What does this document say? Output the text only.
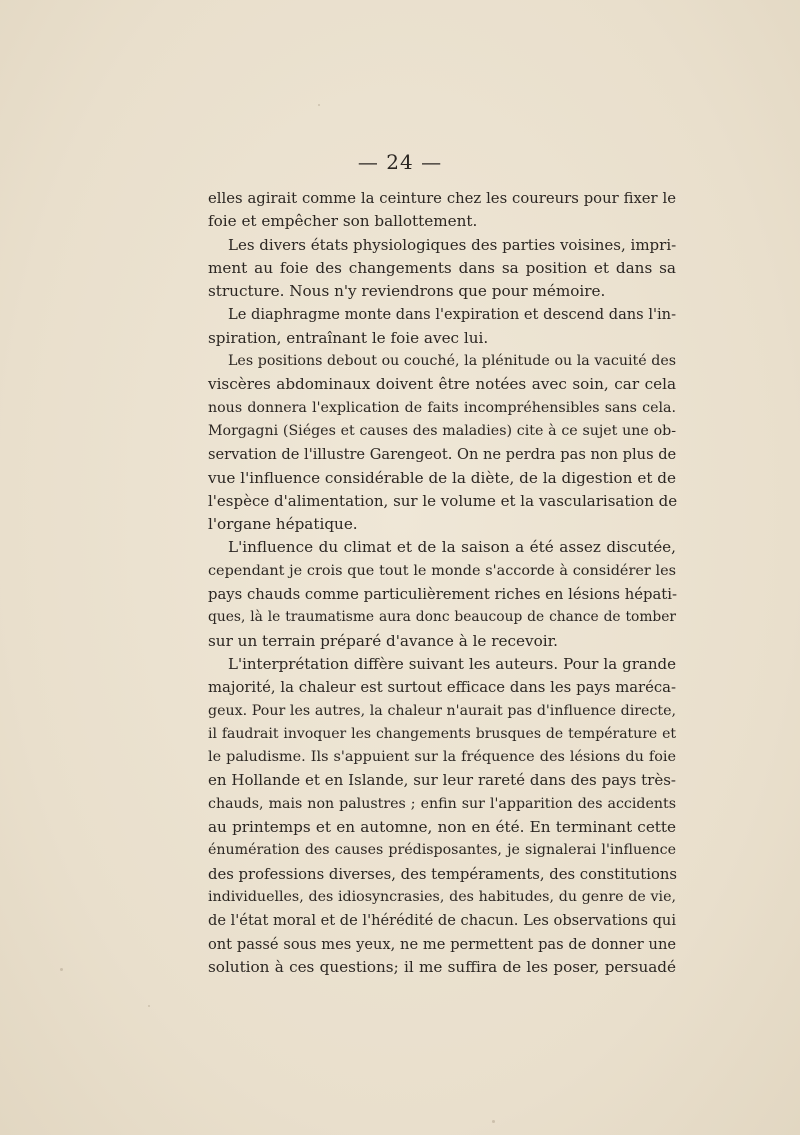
— 24 —
elles agirait comme la ceinture chez les coureurs pour fixer le
foie et empêcher son ballottement.
Les divers états physiologiques des parties voisines, impri-
ment au foie des changements dans sa position et dans sa
structure. Nous n'y reviendrons que pour mémoire.
Le diaphragme monte dans l'expiration et descend dans l'in-
spiration, entraînant le foie avec lui.
Les positions debout ou couché, la plénitude ou la vacuité des
viscères abdominaux doivent être notées avec soin, car cela
nous donnera l'explication de faits incompréhensibles sans cela.
Morgagni (Siéges et causes des maladies) cite à ce sujet une ob-
servation de l'illustre Garengeot. On ne perdra pas non plus de
vue l'influence considérable de la diète, de la digestion et de
l'espèce d'alimentation, sur le volume et la vascularisation de
l'organe hépatique.
L'influence du climat et de la saison a été assez discutée,
cependant je crois que tout le monde s'accorde à considérer les
pays chauds comme particulièrement riches en lésions hépati-
ques, là le traumatisme aura donc beaucoup de chance de tomber
sur un terrain préparé d'avance à le recevoir.
L'interprétation diffère suivant les auteurs. Pour la grande
majorité, la chaleur est surtout efficace dans les pays maréca-
geux. Pour les autres, la chaleur n'aurait pas d'influence directe,
il faudrait invoquer les changements brusques de température et
le paludisme. Ils s'appuient sur la fréquence des lésions du foie
en Hollande et en Islande, sur leur rareté dans des pays très-
chauds, mais non palustres ; enfin sur l'apparition des accidents
au printemps et en automne, non en été. En terminant cette
énumération des causes prédisposantes, je signalerai l'influence
des professions diverses, des tempéraments, des constitutions
individuelles, des idiosyncrasies, des habitudes, du genre de vie,
de l'état moral et de l'hérédité de chacun. Les observations qui
ont passé sous mes yeux, ne me permettent pas de donner une
solution à ces questions; il me suffira de les poser, persuadé
